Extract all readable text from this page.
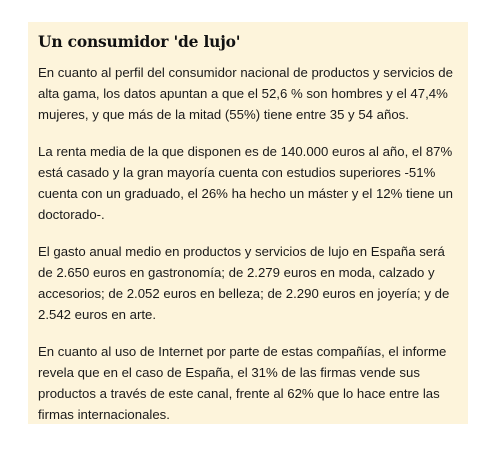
Un consumidor 'de lujo'

En cuanto al perfil del consumidor nacional de productos y servicios de alta gama, los datos apuntan a que el 52,6 % son hombres y el 47,4% mujeres, y que más de la mitad (55%) tiene entre 35 y 54 años.

La renta media de la que disponen es de 140.000 euros al año, el 87% está casado y la gran mayoría cuenta con estudios superiores -51% cuenta con un graduado, el 26% ha hecho un máster y el 12% tiene un doctorado-.

El gasto anual medio en productos y servicios de lujo en España será de 2.650 euros en gastronomía; de 2.279 euros en moda, calzado y accesorios; de 2.052 euros en belleza; de 2.290 euros en joyería; y de 2.542 euros en arte.

En cuanto al uso de Internet por parte de estas compañías, el informe revela que en el caso de España, el 31% de las firmas vende sus productos a través de este canal, frente al 62% que lo hace entre las firmas internacionales.
